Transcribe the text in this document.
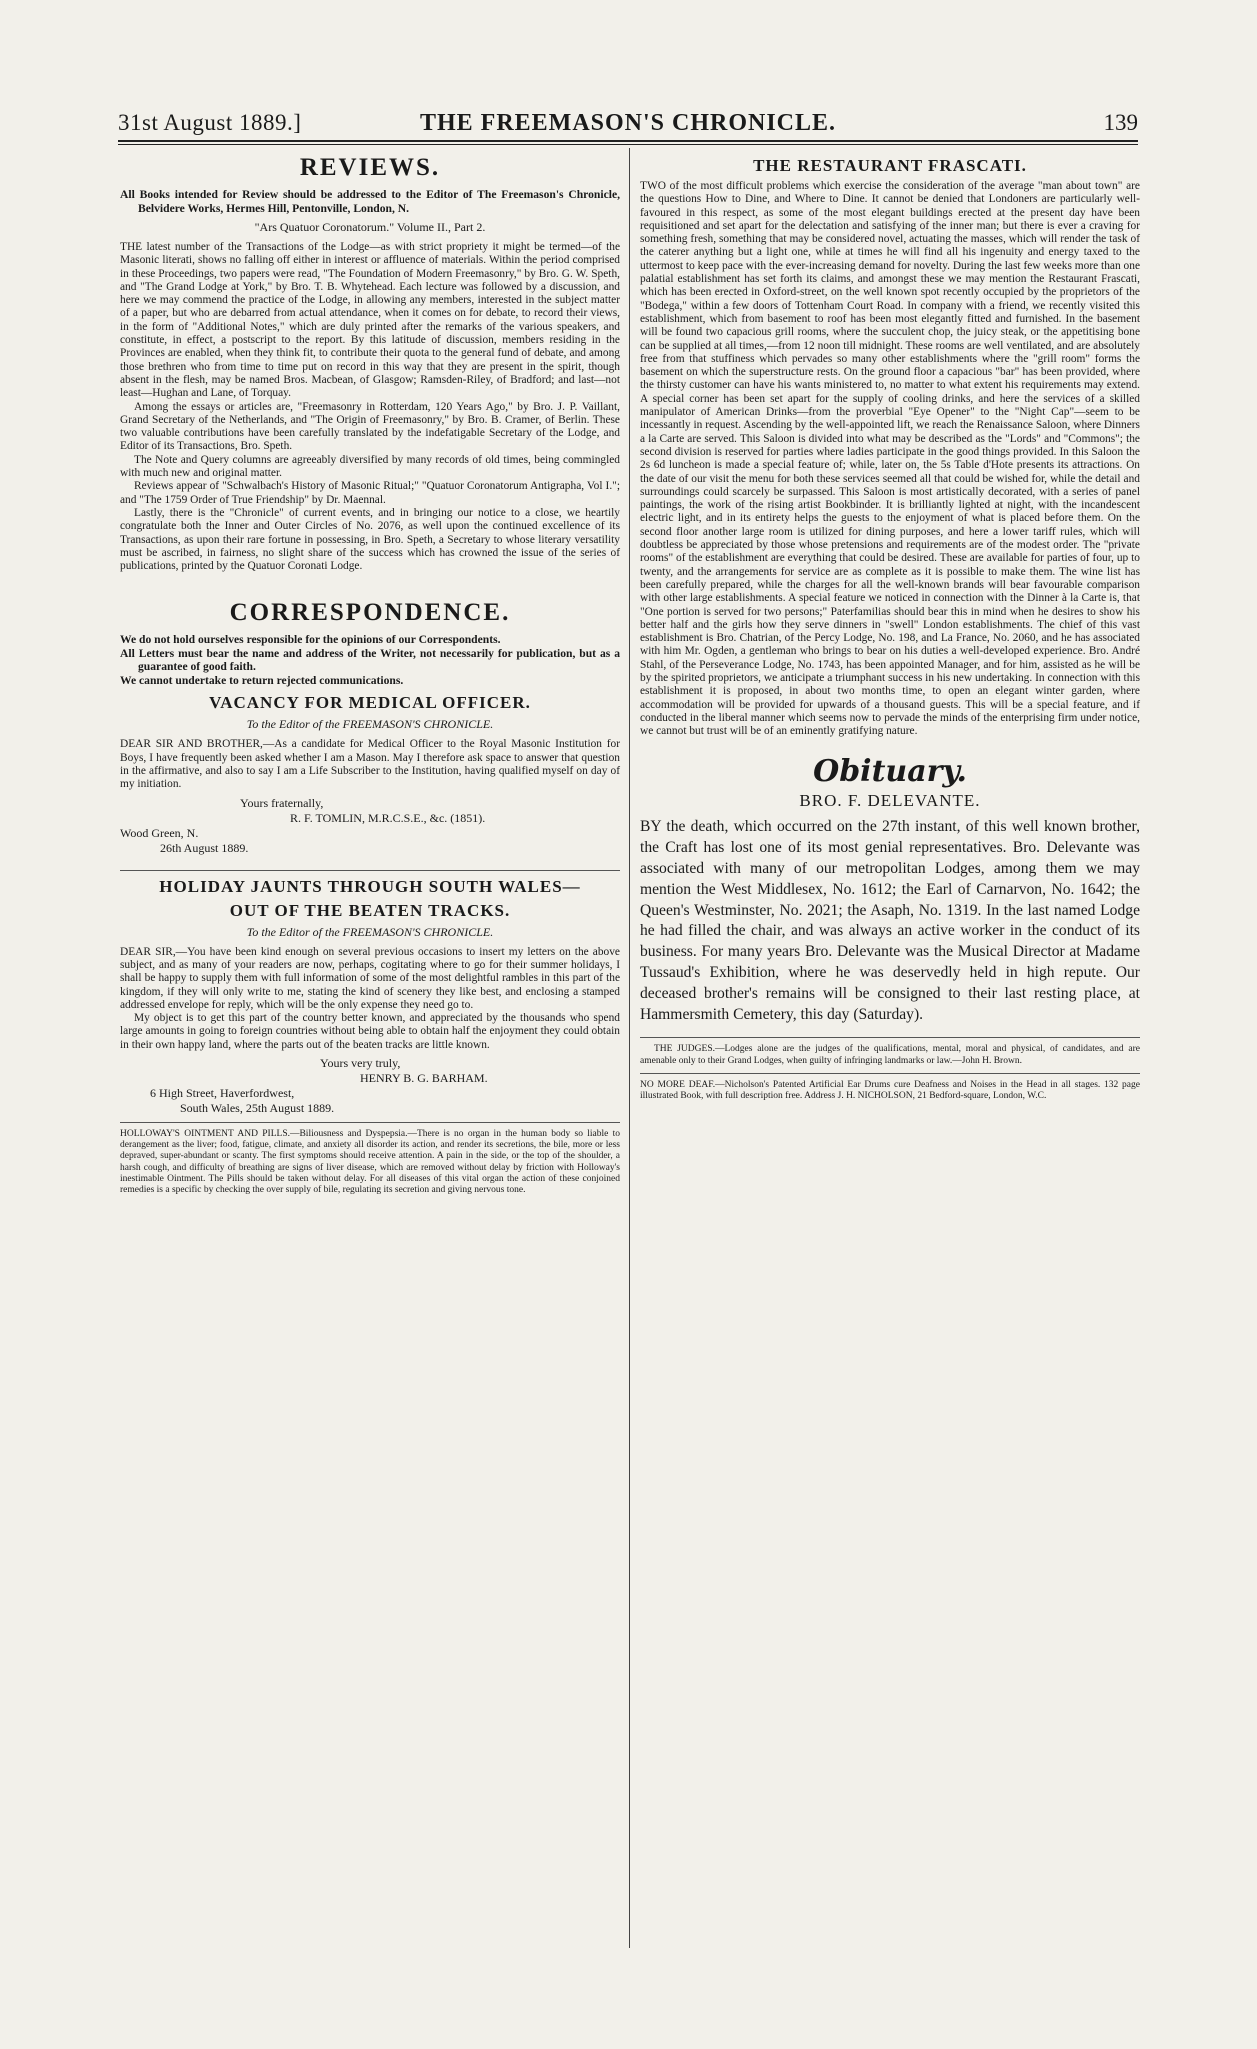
31st August 1889.]	THE FREEMASON'S CHRONICLE.	139
REVIEWS.

All Books intended for Review should be addressed to the Editor of The Freemason's Chronicle, Belvidere Works, Hermes Hill, Pentonville, London, N.

"Ars Quatuor Coronatorum." Volume II., Part 2.

THE latest number of the Transactions of the Lodge—as with strict propriety it might be termed—of the Masonic literati, shows no falling off either in interest or affluence of materials. Within the period comprised in these Proceedings, two papers were read, "The Foundation of Modern Freemasonry," by Bro. G. W. Speth, and "The Grand Lodge at York," by Bro. T. B. Whytehead. Each lecture was followed by a discussion, and here we may commend the practice of the Lodge, in allowing any members, interested in the subject matter of a paper, but who are debarred from actual attendance, when it comes on for debate, to record their views, in the form of "Additional Notes," which are duly printed after the remarks of the various speakers, and constitute, in effect, a postscript to the report. By this latitude of discussion, members residing in the Provinces are enabled, when they think fit, to contribute their quota to the general fund of debate, and among those brethren who from time to time put on record in this way that they are present in the spirit, though absent in the flesh, may be named Bros. Macbean, of Glasgow; Ramsden-Riley, of Bradford; and last—not least—Hughan and Lane, of Torquay.

Among the essays or articles are, "Freemasonry in Rotterdam, 120 Years Ago," by Bro. J. P. Vaillant, Grand Secretary of the Netherlands, and "The Origin of Freemasonry," by Bro. B. Cramer, of Berlin. These two valuable contributions have been carefully translated by the indefatigable Secretary of the Lodge, and Editor of its Transactions, Bro. Speth.

The Note and Query columns are agreeably diversified by many records of old times, being commingled with much new and original matter.

Reviews appear of "Schwalbach's History of Masonic Ritual;" "Quatuor Coronatorum Antigrapha, Vol I."; and "The 1759 Order of True Friendship" by Dr. Maennal.

Lastly, there is the "Chronicle" of current events, and in bringing our notice to a close, we heartily congratulate both the Inner and Outer Circles of No. 2076, as well upon the continued excellence of its Transactions, as upon their rare fortune in possessing, in Bro. Speth, a Secretary to whose literary versatility must be ascribed, in fairness, no slight share of the success which has crowned the issue of the series of publications, printed by the Quatuor Coronati Lodge.

CORRESPONDENCE.

We do not hold ourselves responsible for the opinions of our Correspondents.

All Letters must bear the name and address of the Writer, not necessarily for publication, but as a guarantee of good faith.

We cannot undertake to return rejected communications.

VACANCY FOR MEDICAL OFFICER.

To the Editor of the FREEMASON'S CHRONICLE.

DEAR SIR AND BROTHER,—As a candidate for Medical Officer to the Royal Masonic Institution for Boys, I have frequently been asked whether I am a Mason. May I therefore ask space to answer that question in the affirmative, and also to say I am a Life Subscriber to the Institution, having qualified myself on day of my initiation.

Yours fraternally,

R. F. TOMLIN, M.R.C.S.E., &c. (1851).

Wood Green, N.

26th August 1889.

HOLIDAY JAUNTS THROUGH SOUTH WALES—
OUT OF THE BEATEN TRACKS.

To the Editor of the FREEMASON'S CHRONICLE.

DEAR SIR,—You have been kind enough on several previous occasions to insert my letters on the above subject, and as many of your readers are now, perhaps, cogitating where to go for their summer holidays, I shall be happy to supply them with full information of some of the most delightful rambles in this part of the kingdom, if they will only write to me, stating the kind of scenery they like best, and enclosing a stamped addressed envelope for reply, which will be the only expense they need go to.

My object is to get this part of the country better known, and appreciated by the thousands who spend large amounts in going to foreign countries without being able to obtain half the enjoyment they could obtain in their own happy land, where the parts out of the beaten tracks are little known.

Yours very truly,

HENRY B. G. BARHAM.

6 High Street, Haverfordwest,

South Wales, 25th August 1889.

HOLLOWAY'S OINTMENT AND PILLS.—Biliousness and Dyspepsia.—There is no organ in the human body so liable to derangement as the liver; food, fatigue, climate, and anxiety all disorder its action, and render its secretions, the bile, more or less depraved, super-abundant or scanty. The first symptoms should receive attention. A pain in the side, or the top of the shoulder, a harsh cough, and difficulty of breathing are signs of liver disease, which are removed without delay by friction with Holloway's inestimable Ointment. The Pills should be taken without delay. For all diseases of this vital organ the action of these conjoined remedies is a specific by checking the over supply of bile, regulating its secretion and giving nervous tone.

THE RESTAURANT FRASCATI.

TWO of the most difficult problems which exercise the consideration of the average "man about town" are the questions How to Dine, and Where to Dine. It cannot be denied that Londoners are particularly well-favoured in this respect, as some of the most elegant buildings erected at the present day have been requisitioned and set apart for the delectation and satisfying of the inner man; but there is ever a craving for something fresh, something that may be considered novel, actuating the masses, which will render the task of the caterer anything but a light one, while at times he will find all his ingenuity and energy taxed to the uttermost to keep pace with the ever-increasing demand for novelty. During the last few weeks more than one palatial establishment has set forth its claims, and amongst these we may mention the Restaurant Frascati, which has been erected in Oxford-street, on the well known spot recently occupied by the proprietors of the "Bodega," within a few doors of Tottenham Court Road. In company with a friend, we recently visited this establishment, which from basement to roof has been most elegantly fitted and furnished. In the basement will be found two capacious grill rooms, where the succulent chop, the juicy steak, or the appetitising bone can be supplied at all times,—from 12 noon till midnight. These rooms are well ventilated, and are absolutely free from that stuffiness which pervades so many other establishments where the "grill room" forms the basement on which the superstructure rests. On the ground floor a capacious "bar" has been provided, where the thirsty customer can have his wants ministered to, no matter to what extent his requirements may extend. A special corner has been set apart for the supply of cooling drinks, and here the services of a skilled manipulator of American Drinks—from the proverbial "Eye Opener" to the "Night Cap"—seem to be incessantly in request. Ascending by the well-appointed lift, we reach the Renaissance Saloon, where Dinners a la Carte are served. This Saloon is divided into what may be described as the "Lords" and "Commons"; the second division is reserved for parties where ladies participate in the good things provided. In this Saloon the 2s 6d luncheon is made a special feature of; while, later on, the 5s Table d'Hote presents its attractions. On the date of our visit the menu for both these services seemed all that could be wished for, while the detail and surroundings could scarcely be surpassed. This Saloon is most artistically decorated, with a series of panel paintings, the work of the rising artist Bookbinder. It is brilliantly lighted at night, with the incandescent electric light, and in its entirety helps the guests to the enjoyment of what is placed before them. On the second floor another large room is utilized for dining purposes, and here a lower tariff rules, which will doubtless be appreciated by those whose pretensions and requirements are of the modest order. The "private rooms" of the establishment are everything that could be desired. These are available for parties of four, up to twenty, and the arrangements for service are as complete as it is possible to make them. The wine list has been carefully prepared, while the charges for all the well-known brands will bear favourable comparison with other large establishments. A special feature we noticed in connection with the Dinner à la Carte is, that "One portion is served for two persons;" Paterfamilias should bear this in mind when he desires to show his better half and the girls how they serve dinners in "swell" London establishments. The chief of this vast establishment is Bro. Chatrian, of the Percy Lodge, No. 198, and La France, No. 2060, and he has associated with him Mr. Ogden, a gentleman who brings to bear on his duties a well-developed experience. Bro. André Stahl, of the Perseverance Lodge, No. 1743, has been appointed Manager, and for him, assisted as he will be by the spirited proprietors, we anticipate a triumphant success in his new undertaking. In connection with this establishment it is proposed, in about two months time, to open an elegant winter garden, where accommodation will be provided for upwards of a thousand guests. This will be a special feature, and if conducted in the liberal manner which seems now to pervade the minds of the enterprising firm under notice, we cannot but trust will be of an eminently gratifying nature.

Obituary.

BRO. F. DELEVANTE.

BY the death, which occurred on the 27th instant, of this well known brother, the Craft has lost one of its most genial representatives. Bro. Delevante was associated with many of our metropolitan Lodges, among them we may mention the West Middlesex, No. 1612; the Earl of Carnarvon, No. 1642; the Queen's Westminster, No. 2021; the Asaph, No. 1319. In the last named Lodge he had filled the chair, and was always an active worker in the conduct of its business. For many years Bro. Delevante was the Musical Director at Madame Tussaud's Exhibition, where he was deservedly held in high repute. Our deceased brother's remains will be consigned to their last resting place, at Hammersmith Cemetery, this day (Saturday).

THE JUDGES.—Lodges alone are the judges of the qualifications, mental, moral and physical, of candidates, and are amenable only to their Grand Lodges, when guilty of infringing landmarks or law.—John H. Brown.

NO MORE DEAF.—Nicholson's Patented Artificial Ear Drums cure Deafness and Noises in the Head in all stages. 132 page illustrated Book, with full description free. Address J. H. NICHOLSON, 21 Bedford-square, London, W.C.
